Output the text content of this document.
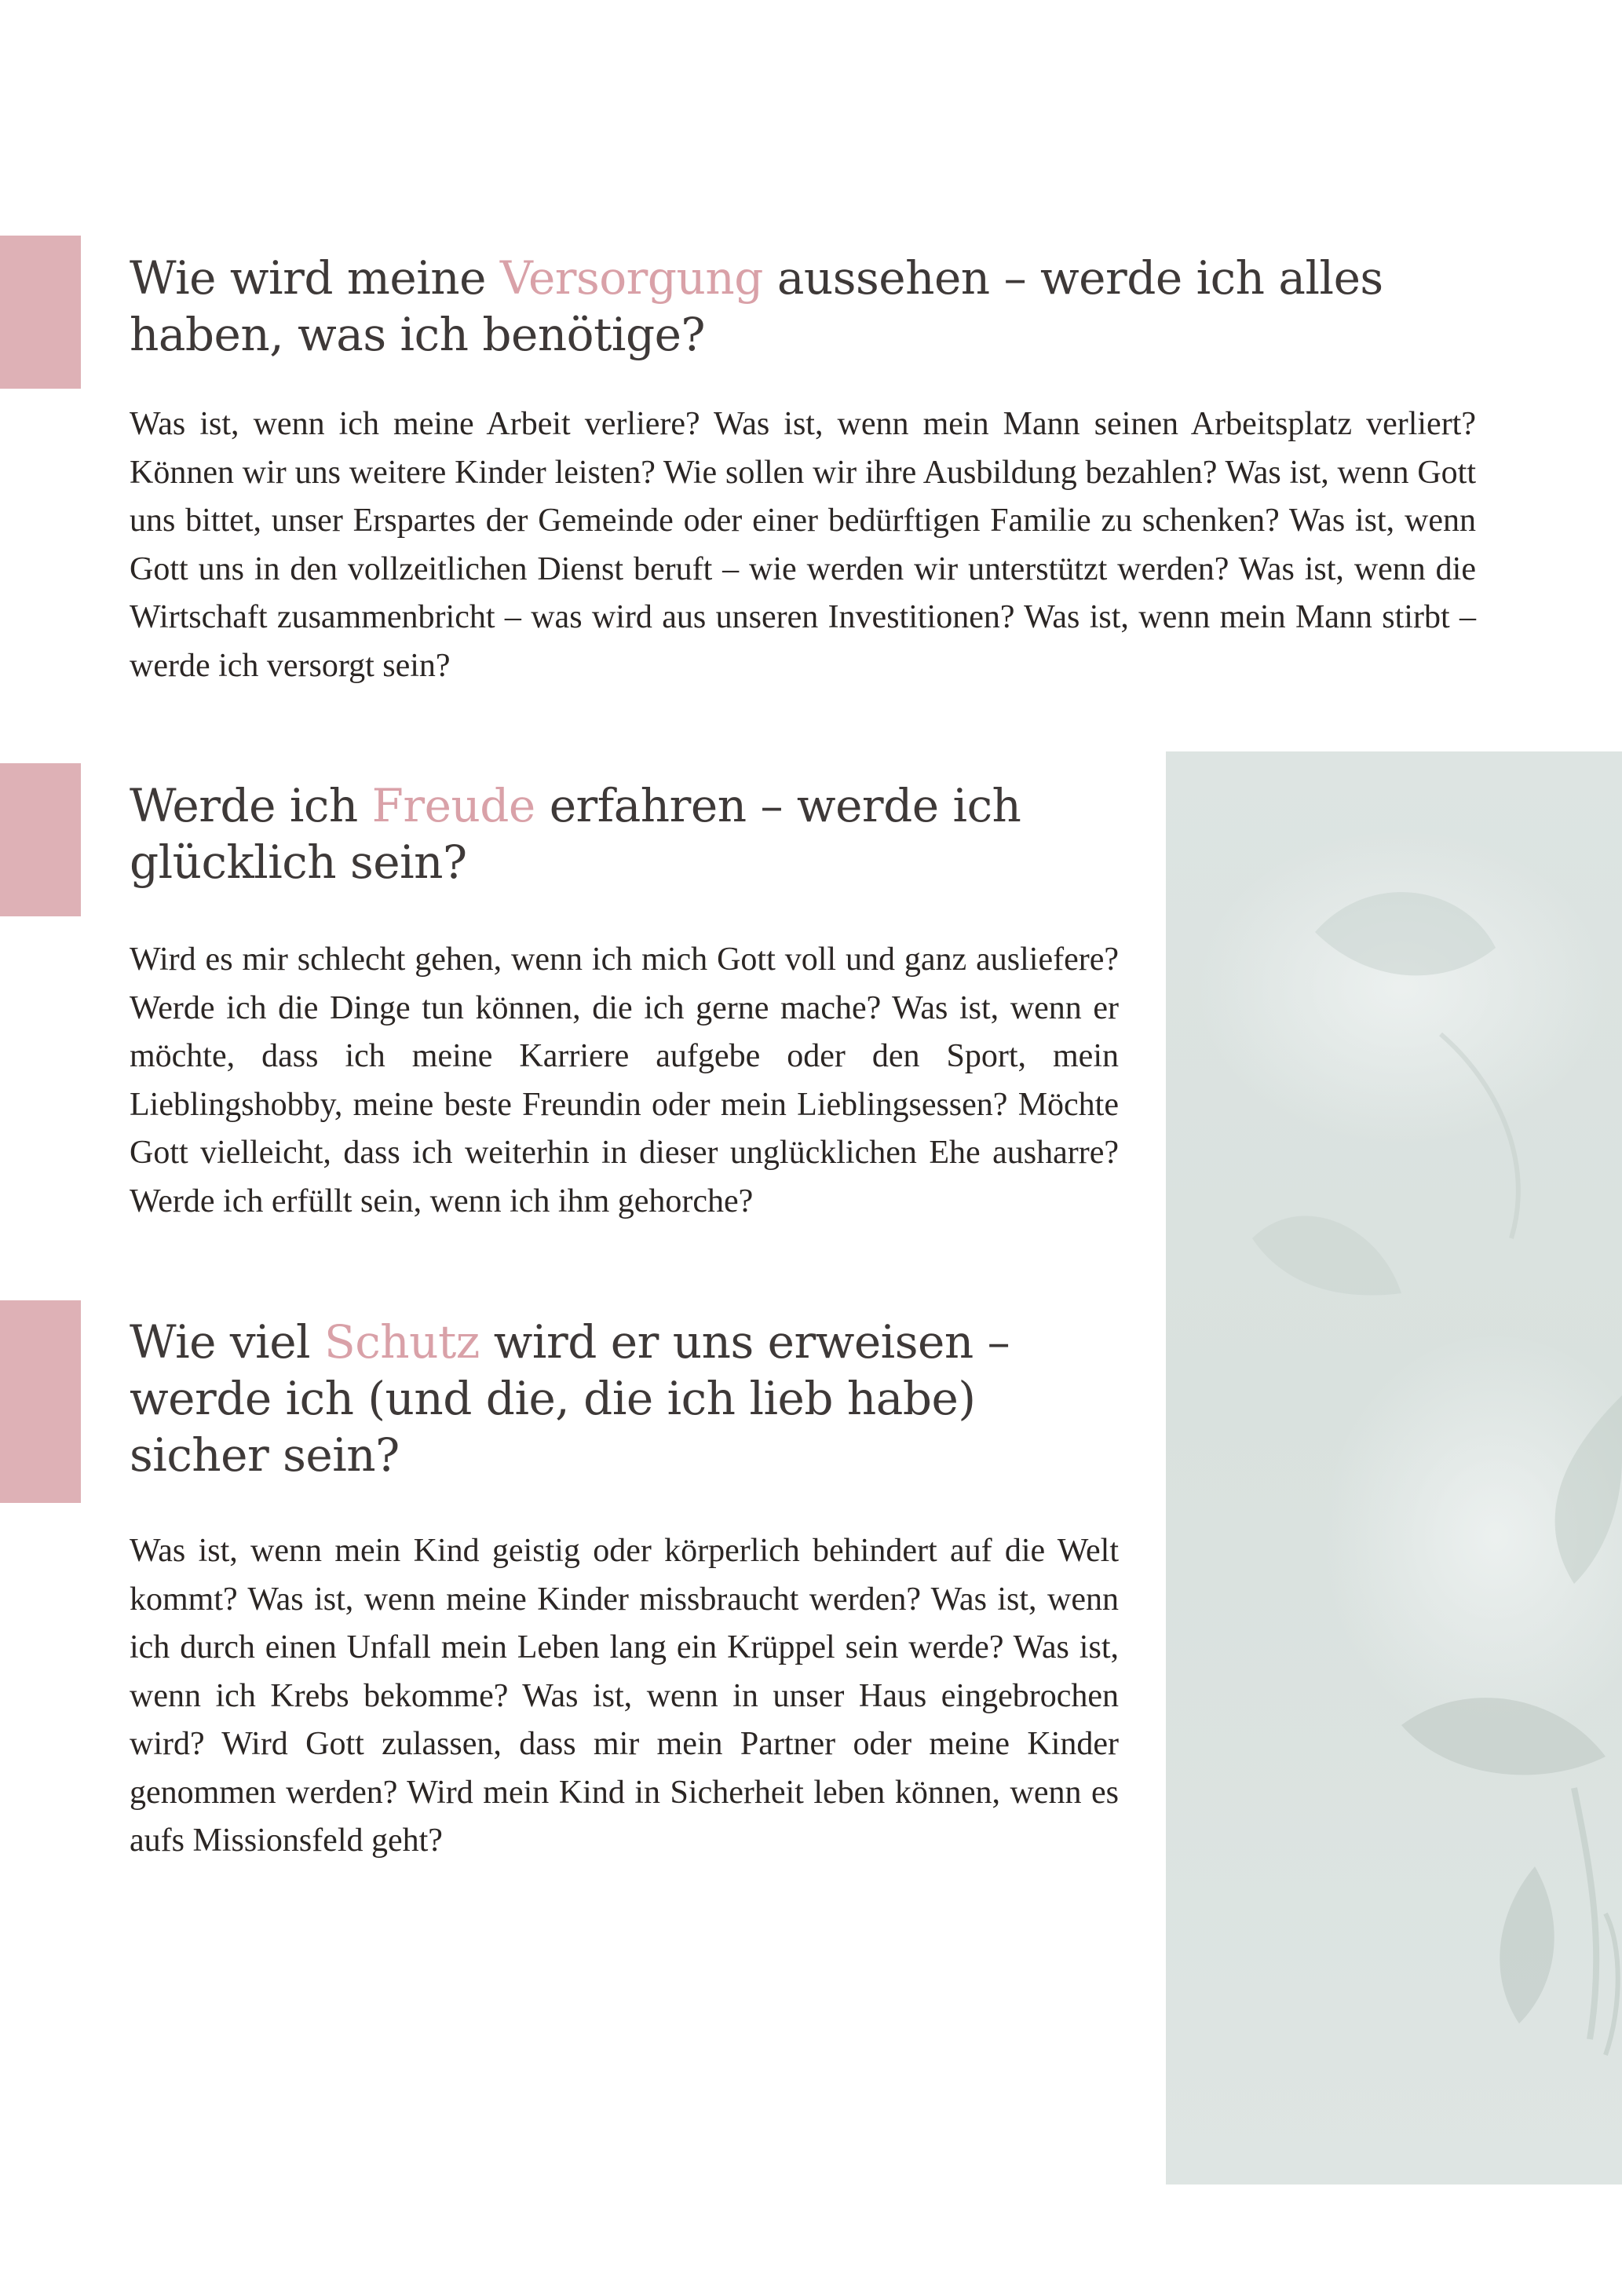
Wie wird meine Versorgung aussehen – werde ich alles haben, was ich benötige?

Was ist, wenn ich meine Arbeit verliere? Was ist, wenn mein Mann seinen Arbeitsplatz verliert? Können wir uns weitere Kinder leisten? Wie sollen wir ihre Ausbildung bezahlen? Was ist, wenn Gott uns bittet, unser Erspartes der Gemeinde oder einer bedürftigen Familie zu schenken? Was ist, wenn Gott uns in den vollzeitlichen Dienst beruft – wie werden wir unterstützt werden? Was ist, wenn die Wirtschaft zusammenbricht – was wird aus unseren Investitionen? Was ist, wenn mein Mann stirbt – werde ich versorgt sein?

Werde ich Freude erfahren – werde ich glücklich sein?

Wird es mir schlecht gehen, wenn ich mich Gott voll und ganz ausliefere? Werde ich die Dinge tun können, die ich gerne mache? Was ist, wenn er möchte, dass ich meine Karriere aufgebe oder den Sport, mein Lieblingshobby, meine beste Freundin oder mein Lieblingsessen? Möchte Gott vielleicht, dass ich weiterhin in dieser unglücklichen Ehe ausharre? Werde ich erfüllt sein, wenn ich ihm gehorche?

Wie viel Schutz wird er uns erweisen – werde ich (und die, die ich lieb habe) sicher sein?

Was ist, wenn mein Kind geistig oder körperlich behindert auf die Welt kommt? Was ist, wenn meine Kinder missbraucht werden? Was ist, wenn ich durch einen Unfall mein Leben lang ein Krüppel sein werde? Was ist, wenn ich Krebs bekomme? Was ist, wenn in unser Haus eingebrochen wird? Wird Gott zulassen, dass mir mein Partner oder meine Kinder genommen werden? Wird mein Kind in Sicherheit leben können, wenn es aufs Missionsfeld geht?
